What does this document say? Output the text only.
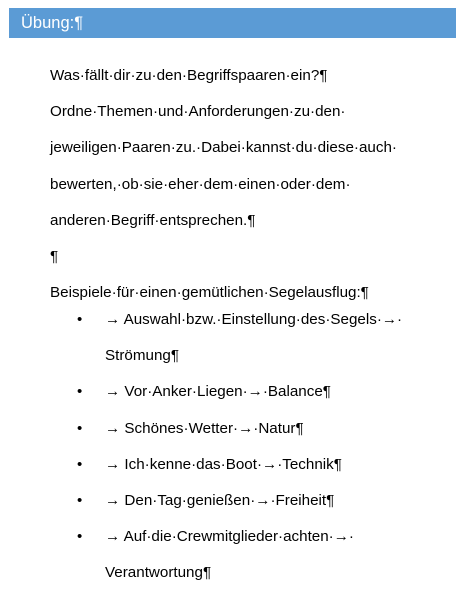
Übung:¶
Was·fällt·dir·zu·den·Begriffspaaren·ein?¶
Ordne·Themen·und·Anforderungen·zu·den·
jeweiligen·Paaren·zu.·Dabei·kannst·du·diese·auch·
bewerten,·ob·sie·eher·dem·einen·oder·dem·
anderen·Begriff·entsprechen.¶
¶
Beispiele·für·einen·gemütlichen·Segelausflug:¶
• → Auswahl·bzw.·Einstellung·des·Segels·→·
Strömung¶
• → Vor·Anker·Liegen·→·Balance¶
• → Schönes·Wetter·→·Natur¶
• → Ich·kenne·das·Boot·→·Technik¶
• → Den·Tag·genießen·→·Freiheit¶
• → Auf·die·Crewmitglieder·achten·→·
Verantwortung¶
